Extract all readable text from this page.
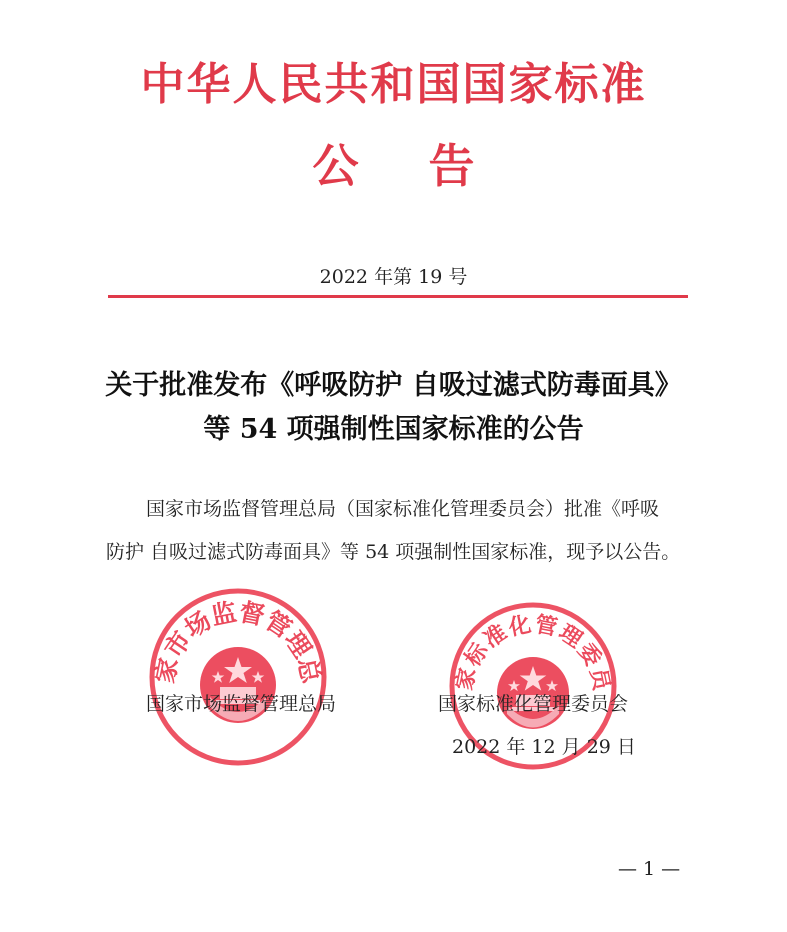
中华人民共和国国家标准
公 告
2022 年第 19 号
关于批准发布《呼吸防护 自吸过滤式防毒面具》
等 54 项强制性国家标准的公告
国家市场监督管理总局（国家标准化管理委员会）批准《呼吸
防护 自吸过滤式防毒面具》等 54 项强制性国家标准，现予以公告。
家市场监督管理总	家标准化管理委员
国家市场监督管理总局	国家标准化管理委员会
2022 年 12 月 29 日
— 1 —
